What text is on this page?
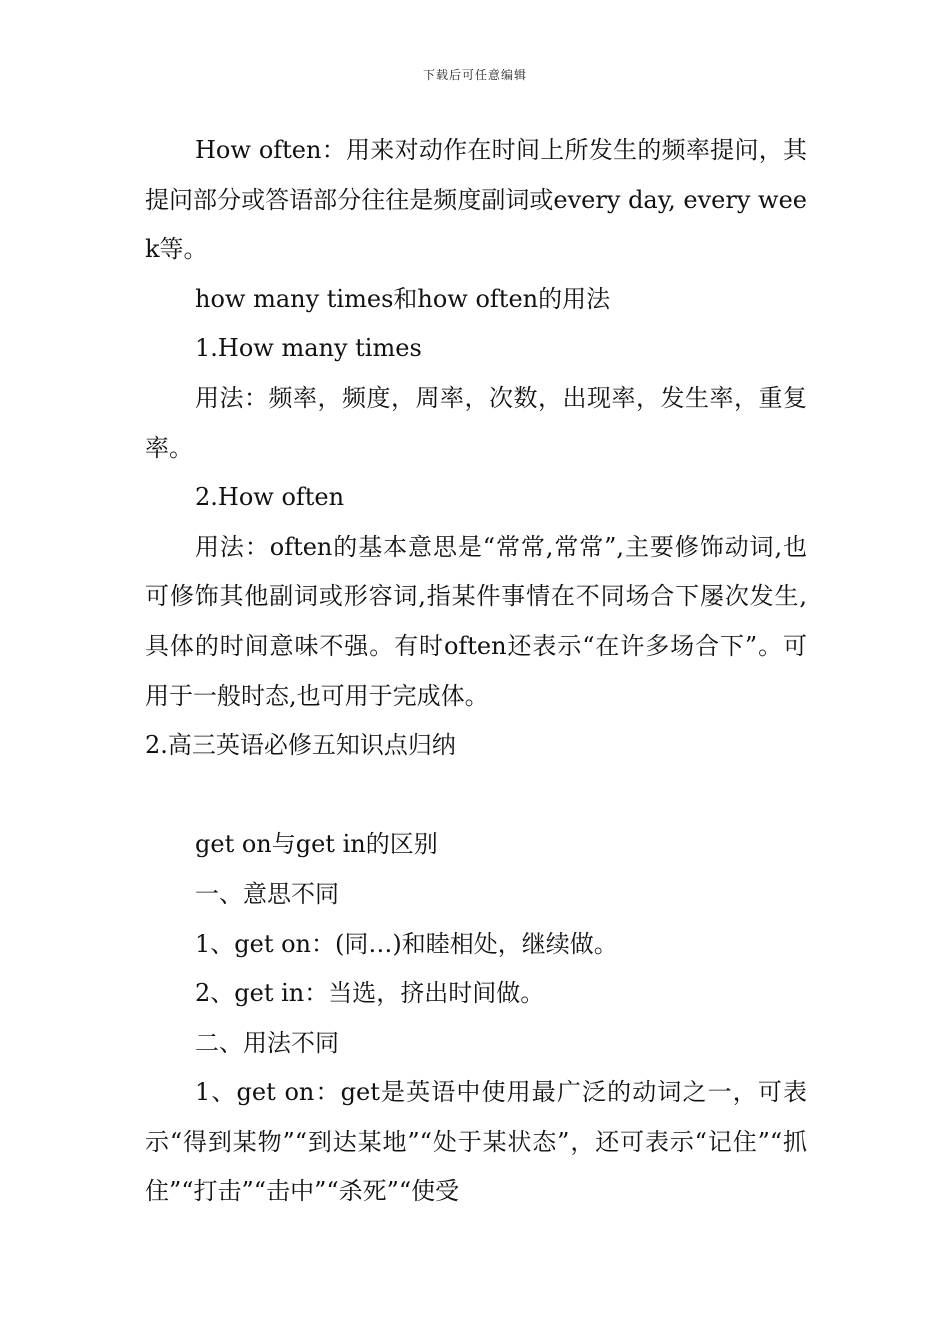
下载后可任意编辑

How often：用来对动作在时间上所发生的频率提问，其提问部分或答语部分往往是频度副词或every day, every week等。

how many times和how often的用法

1.How many times

用法：频率，频度，周率，次数，出现率，发生率，重复率。

2.How often

用法：often的基本意思是“常常,常常”,主要修饰动词,也可修饰其他副词或形容词,指某件事情在不同场合下屡次发生,具体的时间意味不强。有时often还表示“在许多场合下”。可用于一般时态,也可用于完成体。

2.高三英语必修五知识点归纳

get on与get in的区别

一、意思不同

1、get on：(同…)和睦相处，继续做。

2、get in：当选，挤出时间做。

二、用法不同

1、get on：get是英语中使用最广泛的动词之一，可表示“得到某物”“到达某地”“处于某状态”，还可表示“记住”“抓住”“打击”“击中”“杀死”“使受
